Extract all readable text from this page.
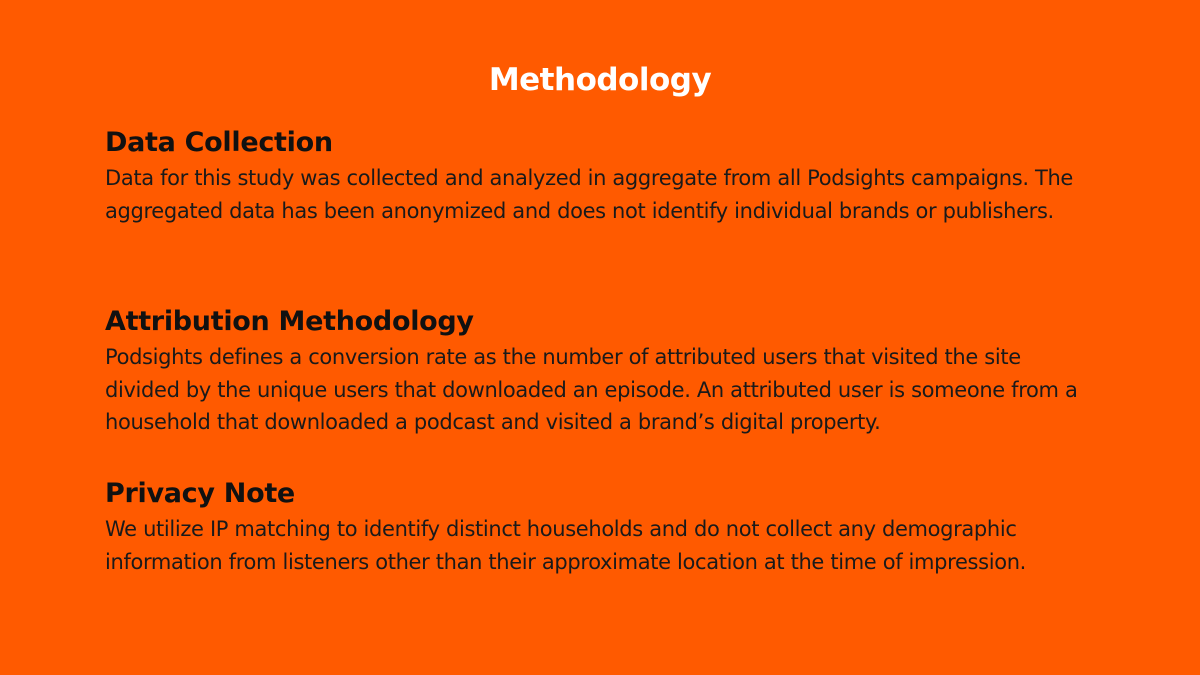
Methodology
Data Collection

Data for this study was collected and analyzed in aggregate from all Podsights campaigns. The aggregated data has been anonymized and does not identify individual brands or publishers.

Attribution Methodology

Podsights defines a conversion rate as the number of attributed users that visited the site divided by the unique users that downloaded an episode. An attributed user is someone from a household that downloaded a podcast and visited a brand’s digital property.

Privacy Note

We utilize IP matching to identify distinct households and do not collect any demographic information from listeners other than their approximate location at the time of impression.
